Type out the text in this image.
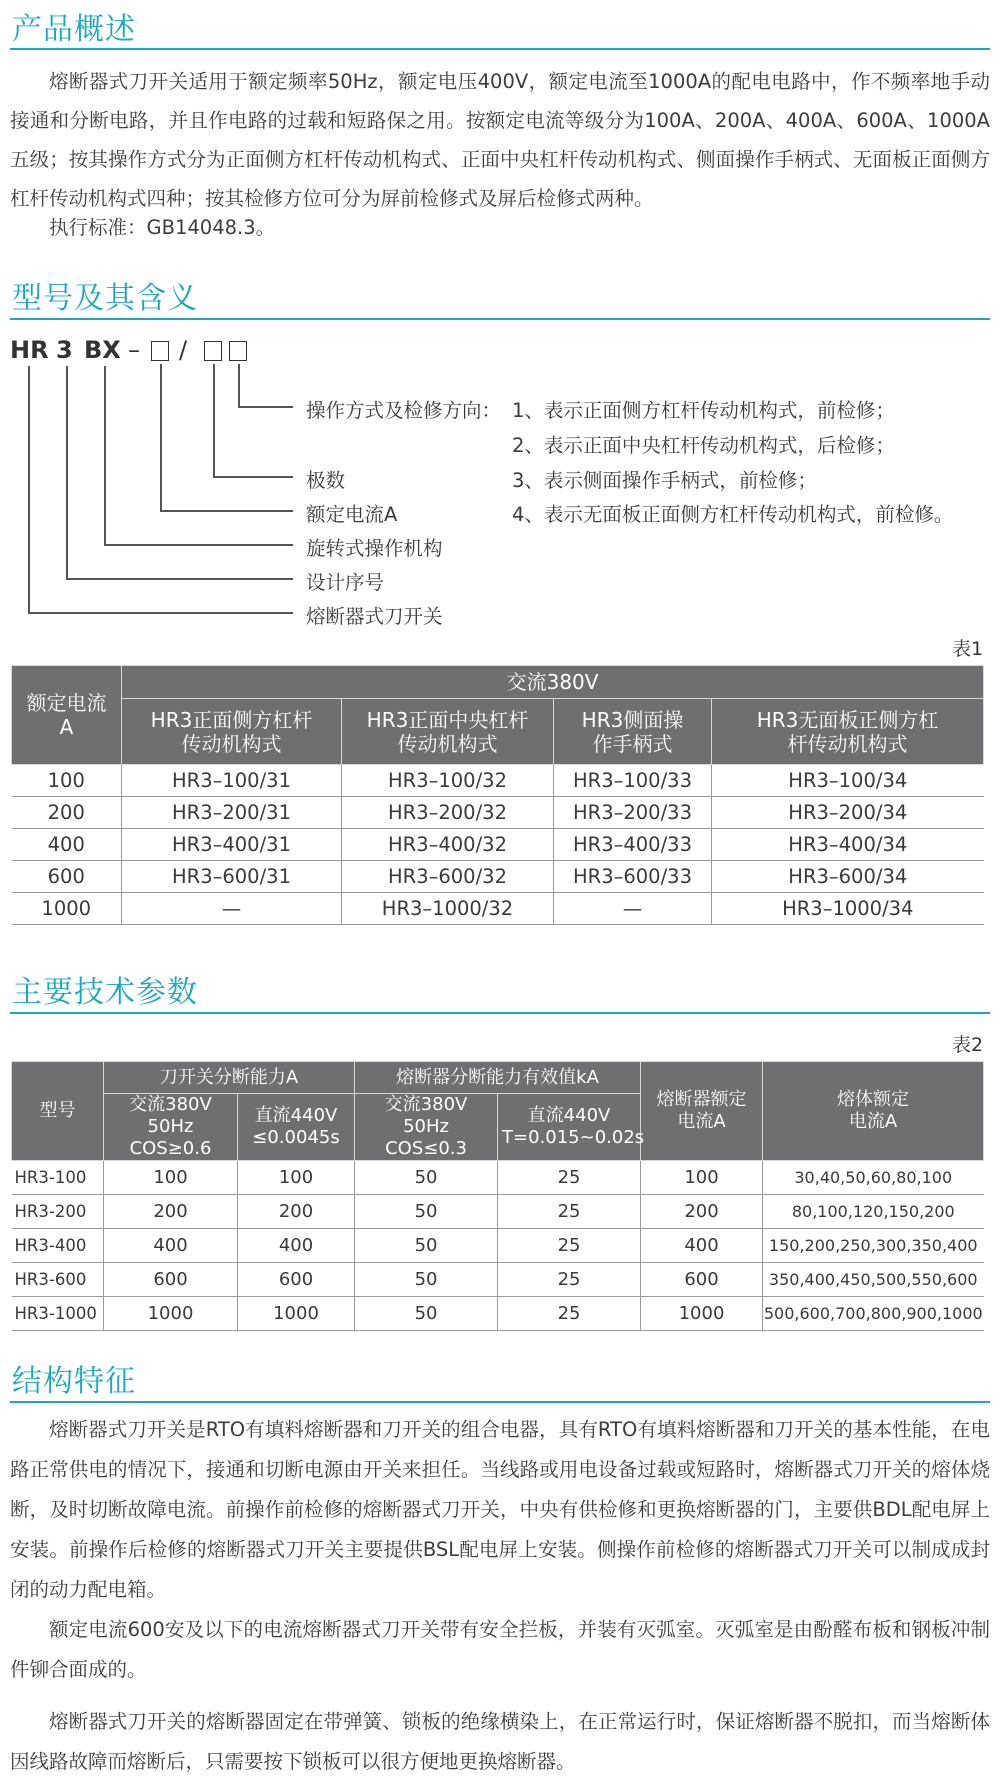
产品概述

熔断器式刀开关适用于额定频率50Hz，额定电压400V，额定电流至1000A的配电电路中，作不频率地手动接通和分断电路，并且作电路的过载和短路保之用。按额定电流等级分为100A、200A、400A、600A、1000A五级；按其操作方式分为正面侧方杠杆传动机构式、正面中央杠杆传动机构式、侧面操作手柄式、无面板正面侧方杠杆传动机构式四种；按其检修方位可分为屏前检修式及屏后检修式两种。

执行标准：GB14048.3。

型号及其含义
HR 3 BX – /
操作方式及检修方向：
极数
额定电流A
旋转式操作机构
设计序号
熔断器式刀开关
1、表示正面侧方杠杆传动机构式，前检修；
2、表示正面中央杠杆传动机构式，后检修；
3、表示侧面操作手柄式，前检修；
4、表示无面板正面侧方杠杆传动机构式，前检修。
表1
额定电流A	交流380V			
	HR3正面侧方杠杆传动机构式	HR3正面中央杠杆传动机构式	HR3侧面操作手柄式	HR3无面板正侧方杠杆传动机构式
100	HR3–100/31	HR3–100/32	HR3–100/33	HR3–100/34
200	HR3–200/31	HR3–200/32	HR3–200/33	HR3–200/34
400	HR3–400/31	HR3–400/32	HR3–400/33	HR3–400/34
600	HR3–600/31	HR3–600/32	HR3–600/33	HR3–600/34
1000	—	HR3–1000/32	—	HR3–1000/34
主要技术参数
表2
型号	刀开关分断能力A		熔断器分断能力有效值kA		熔断器额定电流A	熔体额定电流A
	交流380V 50Hz COS≥0.6	直流440V ≤0.0045s	交流380V 50Hz COS≤0.3	直流440V T=0.015~0.02s		
HR3-100	100	100	50	25	100	30,40,50,60,80,100
HR3-200	200	200	50	25	200	80,100,120,150,200
HR3-400	400	400	50	25	400	150,200,250,300,350,400
HR3-600	600	600	50	25	600	350,400,450,500,550,600
HR3-1000	1000	1000	50	25	1000	500,600,700,800,900,1000
结构特征

熔断器式刀开关是RTO有填料熔断器和刀开关的组合电器，具有RTO有填料熔断器和刀开关的基本性能，在电路正常供电的情况下，接通和切断电源由开关来担任。当线路或用电设备过载或短路时，熔断器式刀开关的熔体烧断，及时切断故障电流。前操作前检修的熔断器式刀开关，中央有供检修和更换熔断器的门，主要供BDL配电屏上安装。前操作后检修的熔断器式刀开关主要提供BSL配电屏上安装。侧操作前检修的熔断器式刀开关可以制成成封闭的动力配电箱。

额定电流600安及以下的电流熔断器式刀开关带有安全拦板，并装有灭弧室。灭弧室是由酚醛布板和钢板冲制件铆合面成的。

熔断器式刀开关的熔断器固定在带弹簧、锁板的绝缘横染上，在正常运行时，保证熔断器不脱扣，而当熔断体因线路故障而熔断后，只需要按下锁板可以很方便地更换熔断器。
